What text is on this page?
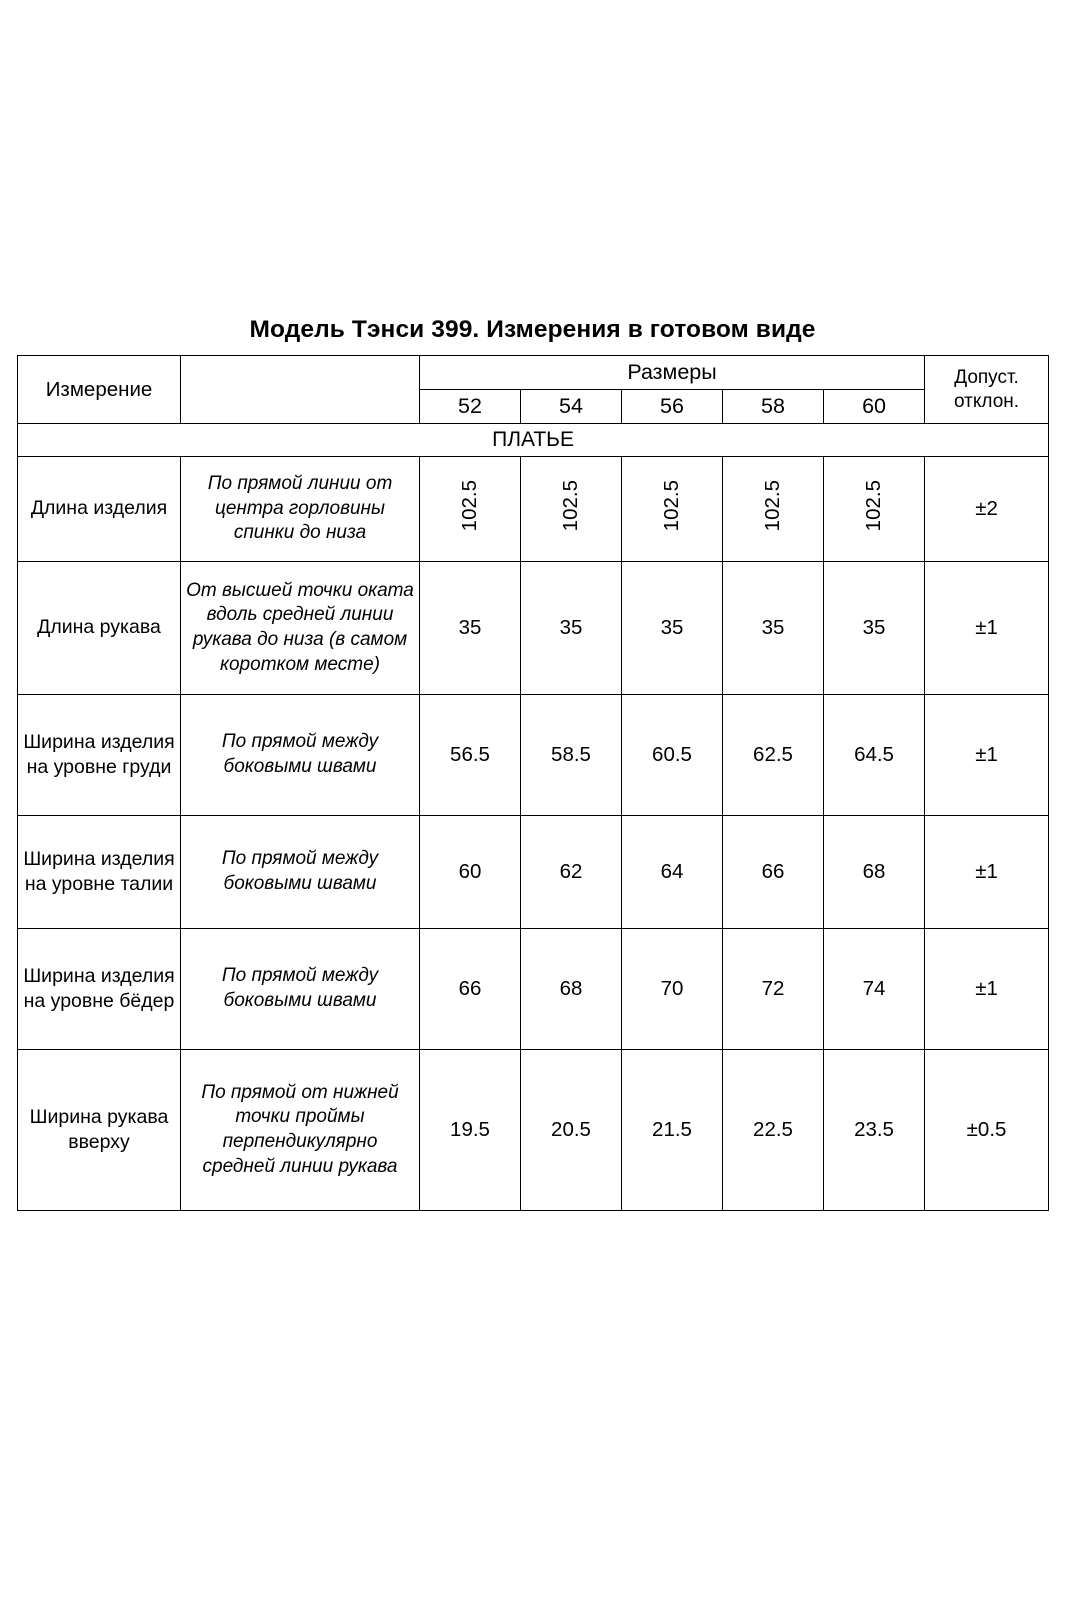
Модель Тэнси 399. Измерения в готовом виде
Измерение		Размеры					Допуст.
отклон.

		52	54	56	58	60	
ПЛАТЬЕ							
Длина изделия	По прямой линии от центра горловины спинки до низа	102.5	102.5	102.5	102.5	102.5	±2
Длина рукава	От высшей точки оката вдоль средней линии рукава до низа (в самом коротком месте)	35	35	35	35	35	±1
Ширина изделия на уровне груди	По прямой между боковыми швами	56.5	58.5	60.5	62.5	64.5	±1
Ширина изделия на уровне талии	По прямой между боковыми швами	60	62	64	66	68	±1
Ширина изделия на уровне бёдер	По прямой между боковыми швами	66	68	70	72	74	±1
Ширина рукава вверху	По прямой от нижней точки проймы перпендикулярно средней линии рукава	19.5	20.5	21.5	22.5	23.5	±0.5
